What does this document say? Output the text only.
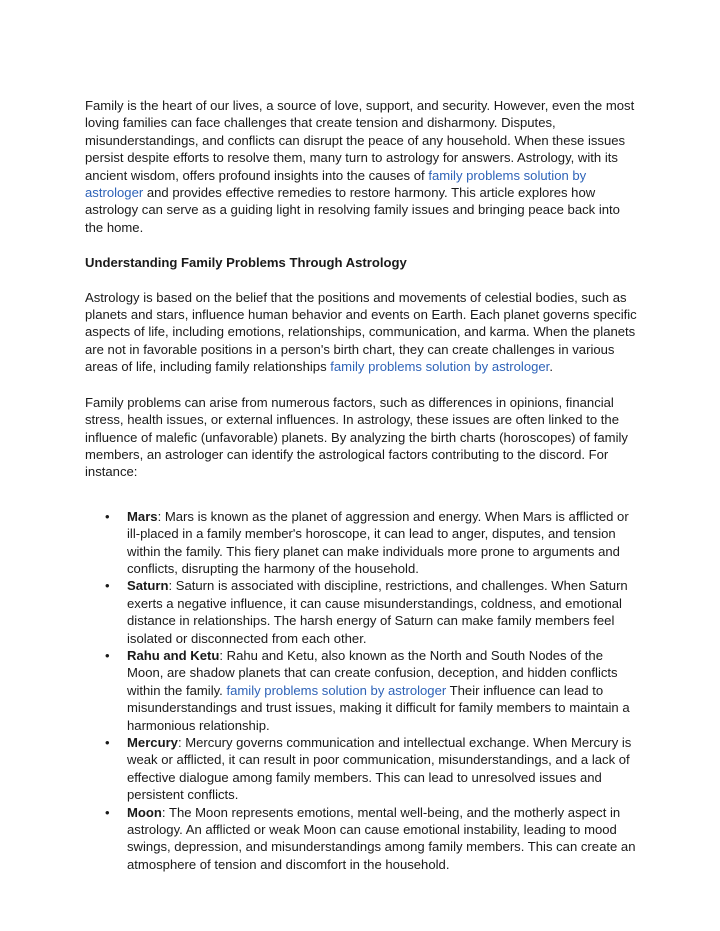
Family is the heart of our lives, a source of love, support, and security. However, even the most loving families can face challenges that create tension and disharmony. Disputes, misunderstandings, and conflicts can disrupt the peace of any household. When these issues persist despite efforts to resolve them, many turn to astrology for answers. Astrology, with its ancient wisdom, offers profound insights into the causes of family problems solution by astrologer and provides effective remedies to restore harmony. This article explores how astrology can serve as a guiding light in resolving family issues and bringing peace back into the home.

Understanding Family Problems Through Astrology

Astrology is based on the belief that the positions and movements of celestial bodies, such as planets and stars, influence human behavior and events on Earth. Each planet governs specific aspects of life, including emotions, relationships, communication, and karma. When the planets are not in favorable positions in a person's birth chart, they can create challenges in various areas of life, including family relationships family problems solution by astrologer.

Family problems can arise from numerous factors, such as differences in opinions, financial stress, health issues, or external influences. In astrology, these issues are often linked to the influence of malefic (unfavorable) planets. By analyzing the birth charts (horoscopes) of family members, an astrologer can identify the astrological factors contributing to the discord. For instance:

• Mars: Mars is known as the planet of aggression and energy. When Mars is afflicted or ill-placed in a family member's horoscope, it can lead to anger, disputes, and tension within the family. This fiery planet can make individuals more prone to arguments and conflicts, disrupting the harmony of the household.
• Saturn: Saturn is associated with discipline, restrictions, and challenges. When Saturn exerts a negative influence, it can cause misunderstandings, coldness, and emotional distance in relationships. The harsh energy of Saturn can make family members feel isolated or disconnected from each other.
• Rahu and Ketu: Rahu and Ketu, also known as the North and South Nodes of the Moon, are shadow planets that can create confusion, deception, and hidden conflicts within the family. family problems solution by astrologer Their influence can lead to misunderstandings and trust issues, making it difficult for family members to maintain a harmonious relationship.
• Mercury: Mercury governs communication and intellectual exchange. When Mercury is weak or afflicted, it can result in poor communication, misunderstandings, and a lack of effective dialogue among family members. This can lead to unresolved issues and persistent conflicts.
• Moon: The Moon represents emotions, mental well-being, and the motherly aspect in astrology. An afflicted or weak Moon can cause emotional instability, leading to mood swings, depression, and misunderstandings among family members. This can create an atmosphere of tension and discomfort in the household.
